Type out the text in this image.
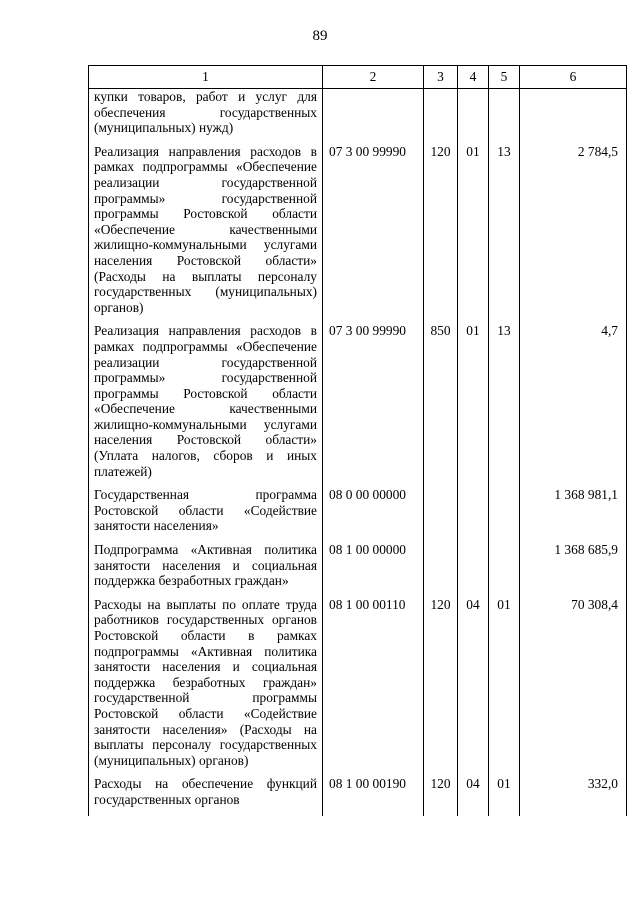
89
1	2	3	4	5	6
купки товаров, работ и услуг для обеспечения государственных (муниципальных) нужд)					
Реализация направления расходов в рамках подпрограммы «Обеспечение реализации государственной программы» государственной программы Ростовской области «Обеспечение качественными жилищно-коммунальными услугами населения Ростовской области» (Расходы на выплаты персоналу государственных (муниципальных) органов)	07 3 00 99990	120	01	13	2 784,5
Реализация направления расходов в рамках подпрограммы «Обеспечение реализации государственной программы» государственной программы Ростовской области «Обеспечение качественными жилищно-коммунальными услугами населения Ростовской области» (Уплата налогов, сборов и иных платежей)	07 3 00 99990	850	01	13	4,7
Государственная программа Ростовской области «Содействие занятости населения»	08 0 00 00000				1 368 981,1
Подпрограмма «Активная политика занятости населения и социальная поддержка безработных граждан»	08 1 00 00000				1 368 685,9
Расходы на выплаты по оплате труда работников государственных органов Ростовской области в рамках подпрограммы «Активная политика занятости населения и социальная поддержка безработных граждан» государственной программы Ростовской области «Содействие занятости населения» (Расходы на выплаты персоналу государственных (муниципальных) органов)	08 1 00 00110	120	04	01	70 308,4
Расходы на обеспечение функций государственных органов	08 1 00 00190	120	04	01	332,0
